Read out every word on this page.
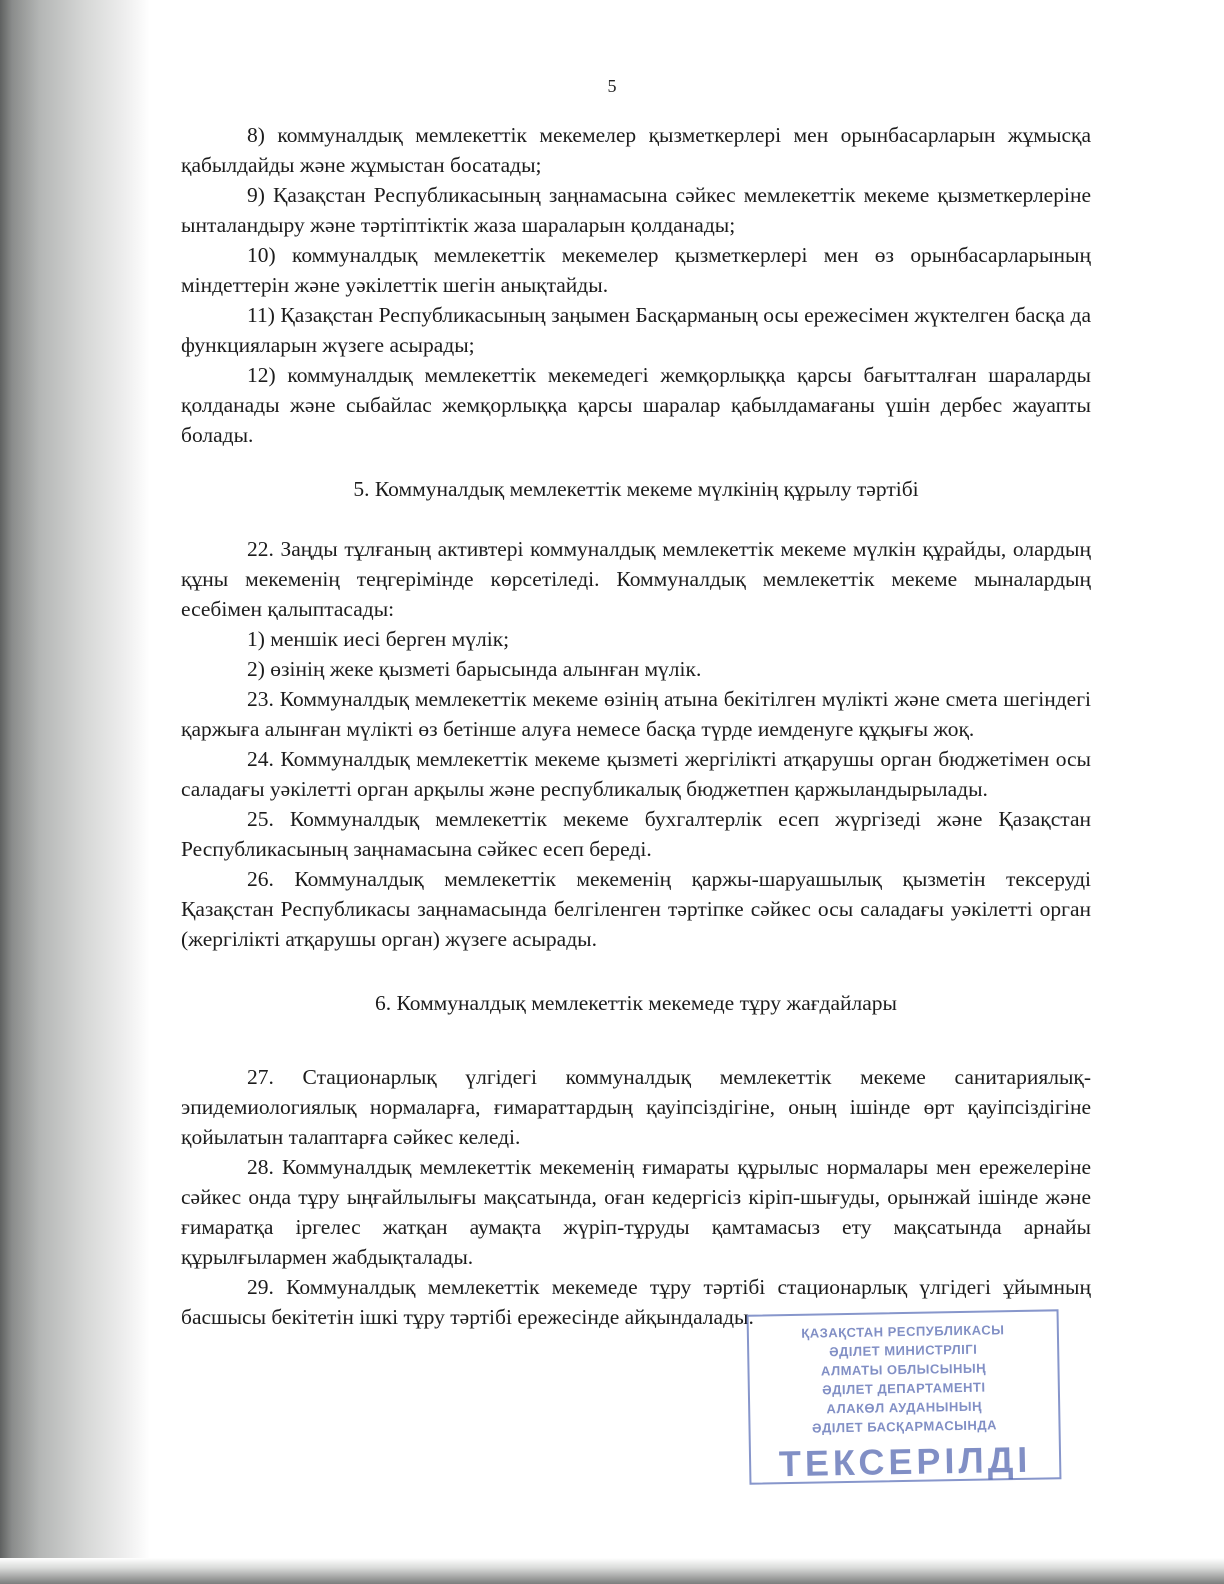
5

8) коммуналдық мемлекеттік мекемелер қызметкерлері мен орынбасарларын жұмысқа қабылдайды және жұмыстан босатады;

9) Қазақстан Республикасының заңнамасына сәйкес мемлекеттік мекеме қызметкерлеріне ынталандыру және тәртіптіктік жаза шараларын қолданады;

10) коммуналдық мемлекеттік мекемелер қызметкерлері мен өз орынбасарларының міндеттерін және уәкілеттік шегін анықтайды.

11) Қазақстан Республикасының заңымен Басқарманың осы ережесімен жүктелген басқа да функцияларын жүзеге асырады;

12) коммуналдық мемлекеттік мекемедегі жемқорлыққа қарсы бағытталған шараларды қолданады және сыбайлас жемқорлыққа қарсы шаралар қабылдамағаны үшін дербес жауапты болады.

5. Коммуналдық мемлекеттік мекеме мүлкінің құрылу тәртібі

22. Заңды тұлғаның активтері коммуналдық мемлекеттік мекеме мүлкін құрайды, олардың құны мекеменің теңгерімінде көрсетіледі. Коммуналдық мемлекеттік мекеме мыналардың есебімен қалыптасады:

1) меншік иесі берген мүлік;

2) өзінің жеке қызметі барысында алынған мүлік.

23. Коммуналдық мемлекеттік мекеме өзінің атына бекітілген мүлікті және смета шегіндегі қаржыға алынған мүлікті өз бетінше алуға немесе басқа түрде иемденуге құқығы жоқ.

24. Коммуналдық мемлекеттік мекеме қызметі жергілікті атқарушы орган бюджетімен осы саладағы уәкілетті орган арқылы және республикалық бюджетпен қаржыландырылады.

25. Коммуналдық мемлекеттік мекеме бухгалтерлік есеп жүргізеді және Қазақстан Республикасының заңнамасына сәйкес есеп береді.

26. Коммуналдық мемлекеттік мекеменің қаржы-шаруашылық қызметін тексеруді Қазақстан Республикасы заңнамасында белгіленген тәртіпке сәйкес осы саладағы уәкілетті орган (жергілікті атқарушы орган) жүзеге асырады.

6. Коммуналдық мемлекеттік мекемеде тұру жағдайлары

27. Стационарлық үлгідегі коммуналдық мемлекеттік мекеме санитариялық-эпидемиологиялық нормаларға, ғимараттардың қауіпсіздігіне, оның ішінде өрт қауіпсіздігіне қойылатын талаптарға сәйкес келеді.

28. Коммуналдық мемлекеттік мекеменің ғимараты құрылыс нормалары мен ережелеріне сәйкес онда тұру ыңғайлылығы мақсатында, оған кедергісіз кіріп-шығуды, орынжай ішінде және ғимаратқа іргелес жатқан аумақта жүріп-тұруды қамтамасыз ету мақсатында арнайы құрылғылармен жабдықталады.

29. Коммуналдық мемлекеттік мекемеде тұру тәртібі стационарлық үлгідегі ұйымның басшысы бекітетін ішкі тұру тәртібі ережесінде айқындалады.

ҚАЗАҚСТАН РЕСПУБЛИКАСЫ
ӘДІЛЕТ МИНИСТРЛІГІ
АЛМАТЫ ОБЛЫСЫНЫҢ
ӘДІЛЕТ ДЕПАРТАМЕНТІ
АЛАКӨЛ АУДАНЫНЫҢ
ӘДІЛЕТ БАСҚАРМАСЫНДА
ТЕКСЕРІЛДІ
